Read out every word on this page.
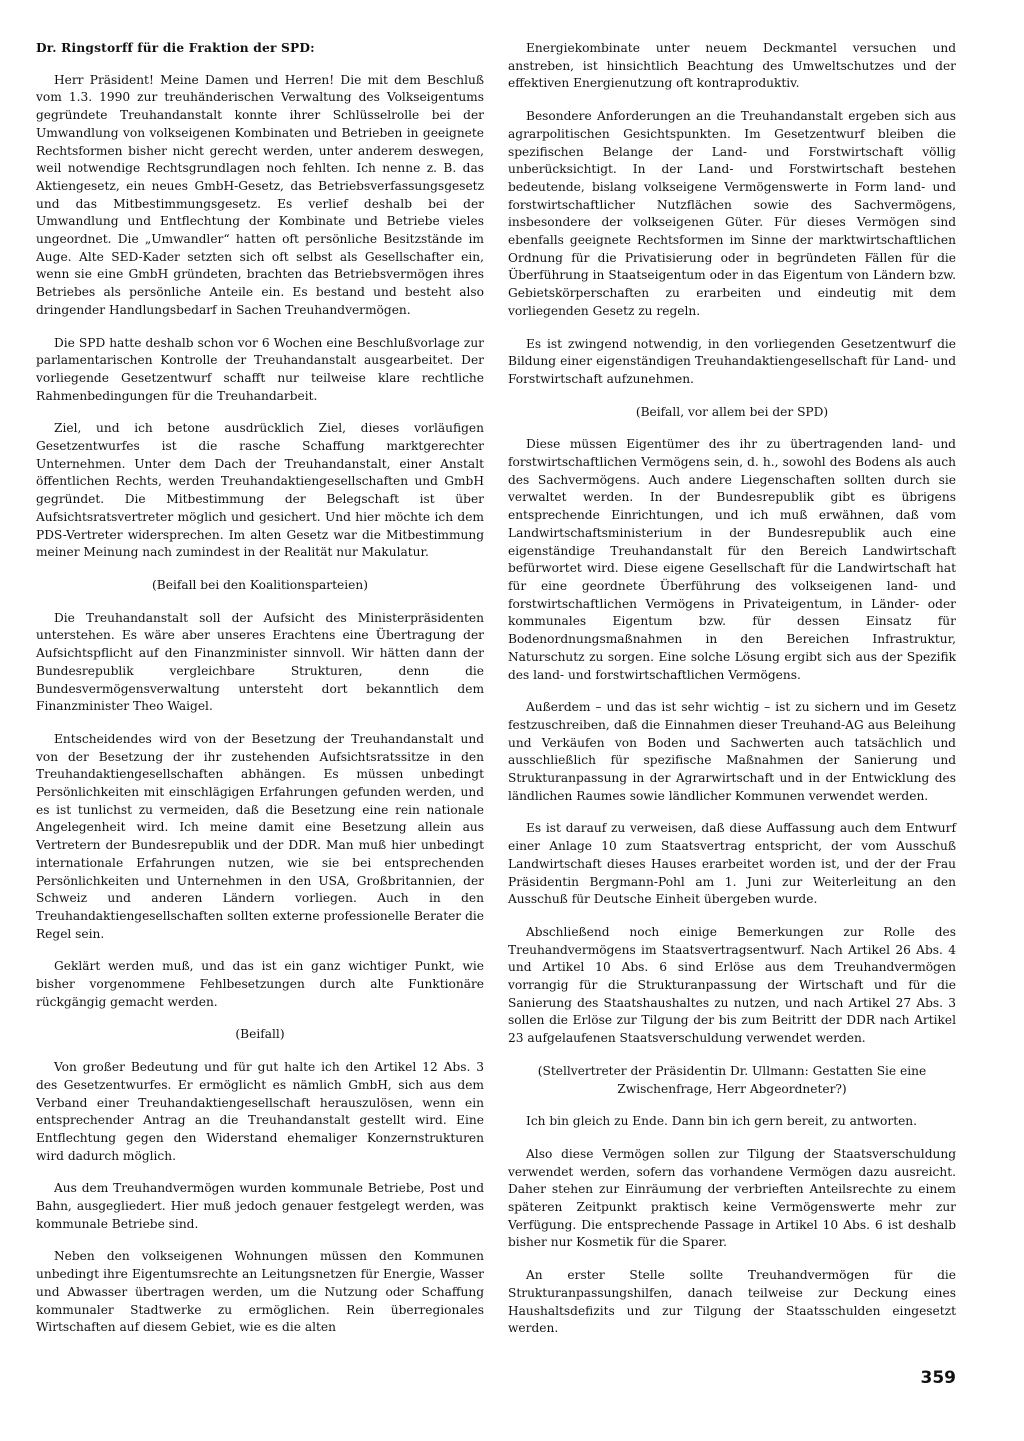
Dr. Ringstorff für die Fraktion der SPD:

Herr Präsident! Meine Damen und Herren! Die mit dem Beschluß vom 1.3. 1990 zur treuhänderischen Verwaltung des Volkseigentums gegründete Treuhandanstalt konnte ihrer Schlüsselrolle bei der Umwandlung von volkseigenen Kombinaten und Betrieben in geeignete Rechtsformen bisher nicht gerecht werden, unter anderem deswegen, weil notwendige Rechtsgrundlagen noch fehlten. Ich nenne z. B. das Aktiengesetz, ein neues GmbH-Gesetz, das Betriebsverfassungsgesetz und das Mitbestimmungsgesetz. Es verlief deshalb bei der Umwandlung und Entflechtung der Kombinate und Betriebe vieles ungeordnet. Die „Umwandler“ hatten oft persönliche Besitzstände im Auge. Alte SED-Kader setzten sich oft selbst als Gesellschafter ein, wenn sie eine GmbH gründeten, brachten das Betriebsvermögen ihres Betriebes als persönliche Anteile ein. Es bestand und besteht also dringender Handlungsbedarf in Sachen Treuhandvermögen.

Die SPD hatte deshalb schon vor 6 Wochen eine Beschlußvorlage zur parlamentarischen Kontrolle der Treuhandanstalt ausgearbeitet. Der vorliegende Gesetzentwurf schafft nur teilweise klare rechtliche Rahmenbedingungen für die Treuhandarbeit.

Ziel, und ich betone ausdrücklich Ziel, dieses vorläufigen Gesetzentwurfes ist die rasche Schaffung marktgerechter Unternehmen. Unter dem Dach der Treuhandanstalt, einer Anstalt öffentlichen Rechts, werden Treuhandaktiengesellschaften und GmbH gegründet. Die Mitbestimmung der Belegschaft ist über Aufsichtsratsvertreter möglich und gesichert. Und hier möchte ich dem PDS-Vertreter widersprechen. Im alten Gesetz war die Mitbestimmung meiner Meinung nach zumindest in der Realität nur Makulatur.

(Beifall bei den Koalitionsparteien)

Die Treuhandanstalt soll der Aufsicht des Ministerpräsidenten unterstehen. Es wäre aber unseres Erachtens eine Übertragung der Aufsichtspflicht auf den Finanzminister sinnvoll. Wir hätten dann der Bundesrepublik vergleichbare Strukturen, denn die Bundesvermögensverwaltung untersteht dort bekanntlich dem Finanzminister Theo Waigel.

Entscheidendes wird von der Besetzung der Treuhandanstalt und von der Besetzung der ihr zustehenden Aufsichtsratssitze in den Treuhandaktiengesellschaften abhängen. Es müssen unbedingt Persönlichkeiten mit einschlägigen Erfahrungen gefunden werden, und es ist tunlichst zu vermeiden, daß die Besetzung eine rein nationale Angelegenheit wird. Ich meine damit eine Besetzung allein aus Vertretern der Bundesrepublik und der DDR. Man muß hier unbedingt internationale Erfahrungen nutzen, wie sie bei entsprechenden Persönlichkeiten und Unternehmen in den USA, Großbritannien, der Schweiz und anderen Ländern vorliegen. Auch in den Treuhandaktiengesellschaften sollten externe professionelle Berater die Regel sein.

Geklärt werden muß, und das ist ein ganz wichtiger Punkt, wie bisher vorgenommene Fehlbesetzungen durch alte Funktionäre rückgängig gemacht werden.

(Beifall)

Von großer Bedeutung und für gut halte ich den Artikel 12 Abs. 3 des Gesetzentwurfes. Er ermöglicht es nämlich GmbH, sich aus dem Verband einer Treuhandaktiengesellschaft herauszulösen, wenn ein entsprechender Antrag an die Treuhandanstalt gestellt wird. Eine Entflechtung gegen den Widerstand ehemaliger Konzernstrukturen wird dadurch möglich.

Aus dem Treuhandvermögen wurden kommunale Betriebe, Post und Bahn, ausgegliedert. Hier muß jedoch genauer festgelegt werden, was kommunale Betriebe sind.

Neben den volkseigenen Wohnungen müssen den Kommunen unbedingt ihre Eigentumsrechte an Leitungsnetzen für Energie, Wasser und Abwasser übertragen werden, um die Nutzung oder Schaffung kommunaler Stadtwerke zu ermöglichen. Rein überregionales Wirtschaften auf diesem Gebiet, wie es die alten

Energiekombinate unter neuem Deckmantel versuchen und anstreben, ist hinsichtlich Beachtung des Umweltschutzes und der effektiven Energienutzung oft kontraproduktiv.

Besondere Anforderungen an die Treuhandanstalt ergeben sich aus agrarpolitischen Gesichtspunkten. Im Gesetzentwurf bleiben die spezifischen Belange der Land- und Forstwirtschaft völlig unberücksichtigt. In der Land- und Forstwirtschaft bestehen bedeutende, bislang volkseigene Vermögenswerte in Form land- und forstwirtschaftlicher Nutzflächen sowie des Sachvermögens, insbesondere der volkseigenen Güter. Für dieses Vermögen sind ebenfalls geeignete Rechtsformen im Sinne der marktwirtschaftlichen Ordnung für die Privatisierung oder in begründeten Fällen für die Überführung in Staatseigentum oder in das Eigentum von Ländern bzw. Gebietskörperschaften zu erarbeiten und eindeutig mit dem vorliegenden Gesetz zu regeln.

Es ist zwingend notwendig, in den vorliegenden Gesetzentwurf die Bildung einer eigenständigen Treuhandaktiengesellschaft für Land- und Forstwirtschaft aufzunehmen.

(Beifall, vor allem bei der SPD)

Diese müssen Eigentümer des ihr zu übertragenden land- und forstwirtschaftlichen Vermögens sein, d. h., sowohl des Bodens als auch des Sachvermögens. Auch andere Liegenschaften sollten durch sie verwaltet werden. In der Bundesrepublik gibt es übrigens entsprechende Einrichtungen, und ich muß erwähnen, daß vom Landwirtschaftsministerium in der Bundesrepublik auch eine eigenständige Treuhandanstalt für den Bereich Landwirtschaft befürwortet wird. Diese eigene Gesellschaft für die Landwirtschaft hat für eine geordnete Überführung des volkseigenen land- und forstwirtschaftlichen Vermögens in Privateigentum, in Länder- oder kommunales Eigentum bzw. für dessen Einsatz für Bodenordnungsmaßnahmen in den Bereichen Infrastruktur, Naturschutz zu sorgen. Eine solche Lösung ergibt sich aus der Spezifik des land- und forstwirtschaftlichen Vermögens.

Außerdem – und das ist sehr wichtig – ist zu sichern und im Gesetz festzuschreiben, daß die Einnahmen dieser Treuhand-AG aus Beleihung und Verkäufen von Boden und Sachwerten auch tatsächlich und ausschließlich für spezifische Maßnahmen der Sanierung und Strukturanpassung in der Agrarwirtschaft und in der Entwicklung des ländlichen Raumes sowie ländlicher Kommunen verwendet werden.

Es ist darauf zu verweisen, daß diese Auffassung auch dem Entwurf einer Anlage 10 zum Staatsvertrag entspricht, der vom Ausschuß Landwirtschaft dieses Hauses erarbeitet worden ist, und der der Frau Präsidentin Bergmann-Pohl am 1. Juni zur Weiterleitung an den Ausschuß für Deutsche Einheit übergeben wurde.

Abschließend noch einige Bemerkungen zur Rolle des Treuhandvermögens im Staatsvertragsentwurf. Nach Artikel 26 Abs. 4 und Artikel 10 Abs. 6 sind Erlöse aus dem Treuhandvermögen vorrangig für die Strukturanpassung der Wirtschaft und für die Sanierung des Staatshaushaltes zu nutzen, und nach Artikel 27 Abs. 3 sollen die Erlöse zur Tilgung der bis zum Beitritt der DDR nach Artikel 23 aufgelaufenen Staatsverschuldung verwendet werden.

(Stellvertreter der Präsidentin Dr. Ullmann: Gestatten Sie eine Zwischenfrage, Herr Abgeordneter?)

Ich bin gleich zu Ende. Dann bin ich gern bereit, zu antworten.

Also diese Vermögen sollen zur Tilgung der Staatsverschuldung verwendet werden, sofern das vorhandene Vermögen dazu ausreicht. Daher stehen zur Einräumung der verbrieften Anteilsrechte zu einem späteren Zeitpunkt praktisch keine Vermögenswerte mehr zur Verfügung. Die entsprechende Passage in Artikel 10 Abs. 6 ist deshalb bisher nur Kosmetik für die Sparer.

An erster Stelle sollte Treuhandvermögen für die Strukturanpassungshilfen, danach teilweise zur Deckung eines Haushaltsdefizits und zur Tilgung der Staatsschulden eingesetzt werden.

359
